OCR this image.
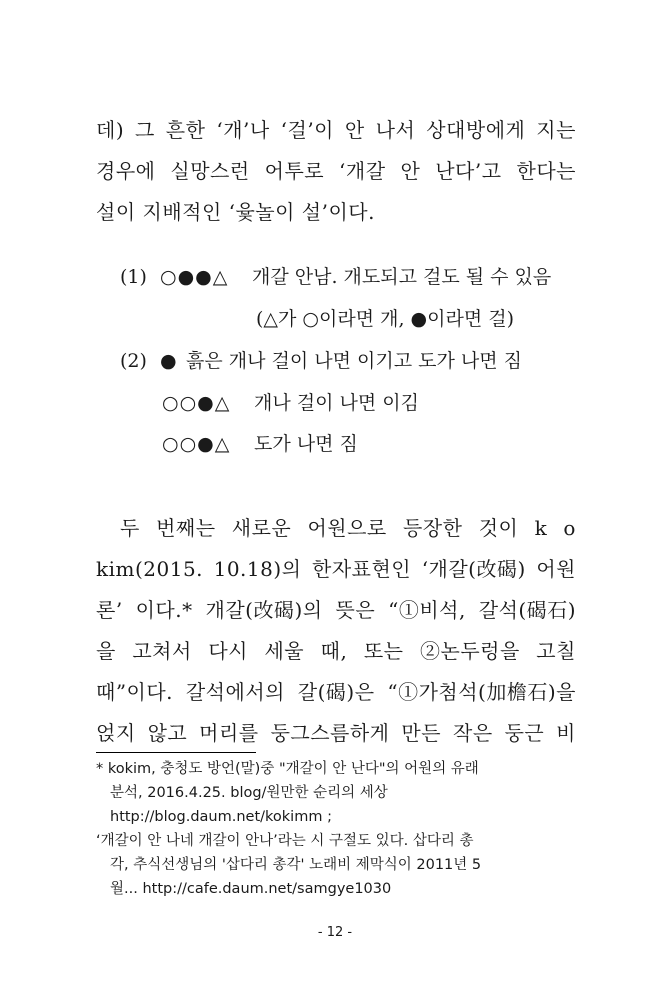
데) 그 흔한 ‘개’나 ‘걸’이 안 나서 상대방에게 지는
경우에 실망스런 어투로 ‘개갈 안 난다’고 한다는
설이 지배적인 ‘윷놀이 설’이다.
(1) ○●●△ 개갈 안남. 개도되고 걸도 될 수 있음
(△가 ○이라면 개, ●이라면 걸)
(2) ● 흙은 개나 걸이 나면 이기고 도가 나면 짐
○○●△ 개나 걸이 나면 이김
○○●△ 도가 나면 짐
두 번째는 새로운 어원으로 등장한 것이 k o
kim(2015. 10.18)의 한자표현인 ‘개갈(改碣) 어원
론’ 이다.* 개갈(改碣)의 뜻은 “①비석, 갈석(碣石)
을 고쳐서 다시 세울 때, 또는 ②논두렁을 고칠
때”이다. 갈석에서의 갈(碣)은 “①가첨석(加檐石)을
얹지 않고 머리를 둥그스름하게 만든 작은 둥근 비
* kokim, 충청도 방언(말)중 "개갈이 안 난다"의 어원의 유래
분석, 2016.4.25. blog/원만한 순리의 세상
http://blog.daum.net/kokimm ;
‘개갈이 안 나네 개갈이 안나’라는 시 구절도 있다. 삽다리 총
각, 추식선생님의 '삽다리 총각' 노래비 제막식이 2011년 5
월... http://cafe.daum.net/samgye1030
- 12 -
